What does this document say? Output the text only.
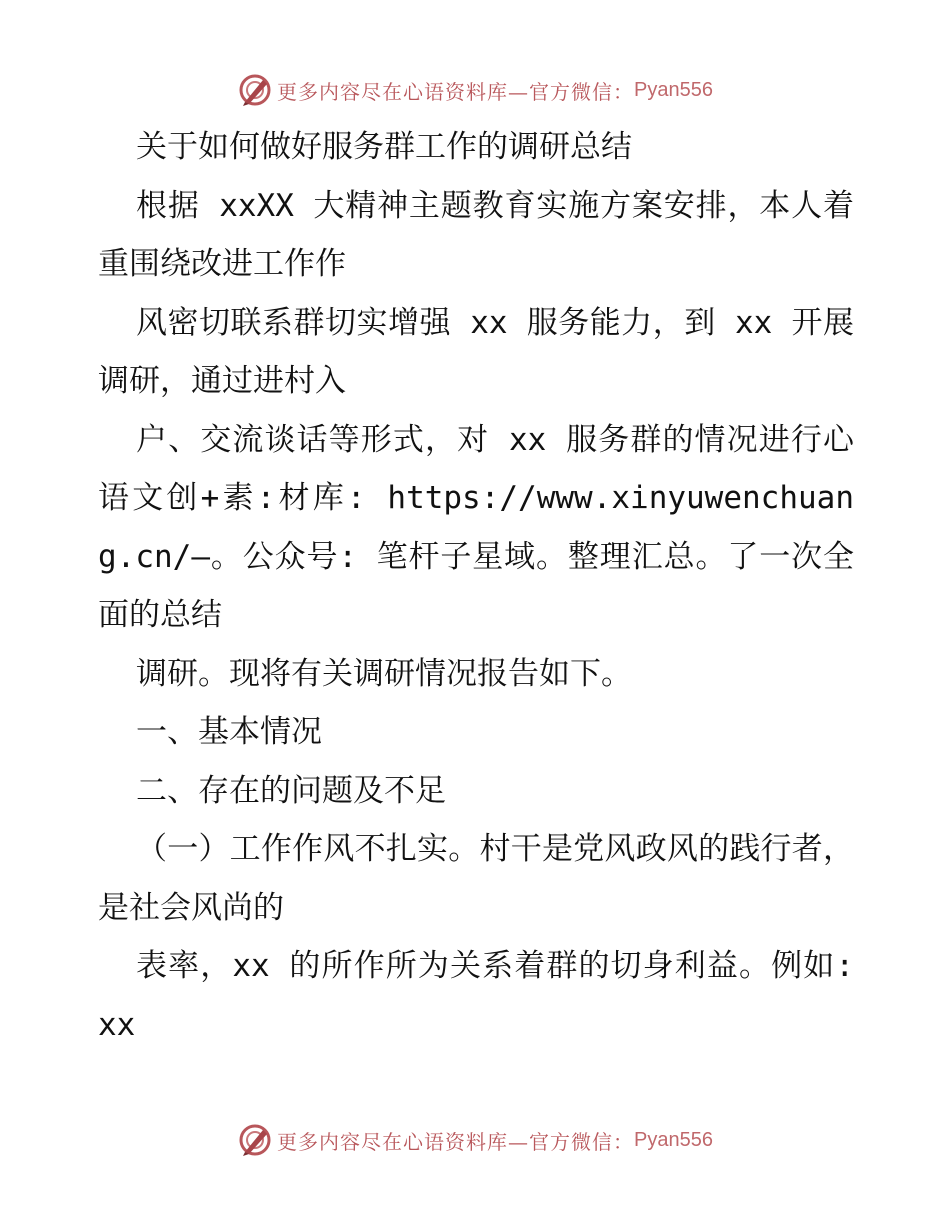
更多内容尽在心语资料库—官方微信： Pyan556

关于如何做好服务群工作的调研总结

根据 xxXX 大精神主题教育实施方案安排，本人着重围绕改进工作作

风密切联系群切实增强 xx 服务能力，到 xx 开展调研，通过进村入

户、交流谈话等形式，对 xx 服务群的情况进行心语文创+素:材库: https://www.xinyuwenchuang.cn/—。公众号: 笔杆子星域。整理汇总。了一次全面的总结

调研。现将有关调研情况报告如下。

一、基本情况

二、存在的问题及不足

（一）工作作风不扎实。村干是党风政风的践行者，是社会风尚的

表率，xx 的所作所为关系着群的切身利益。例如: xx

更多内容尽在心语资料库—官方微信： Pyan556
